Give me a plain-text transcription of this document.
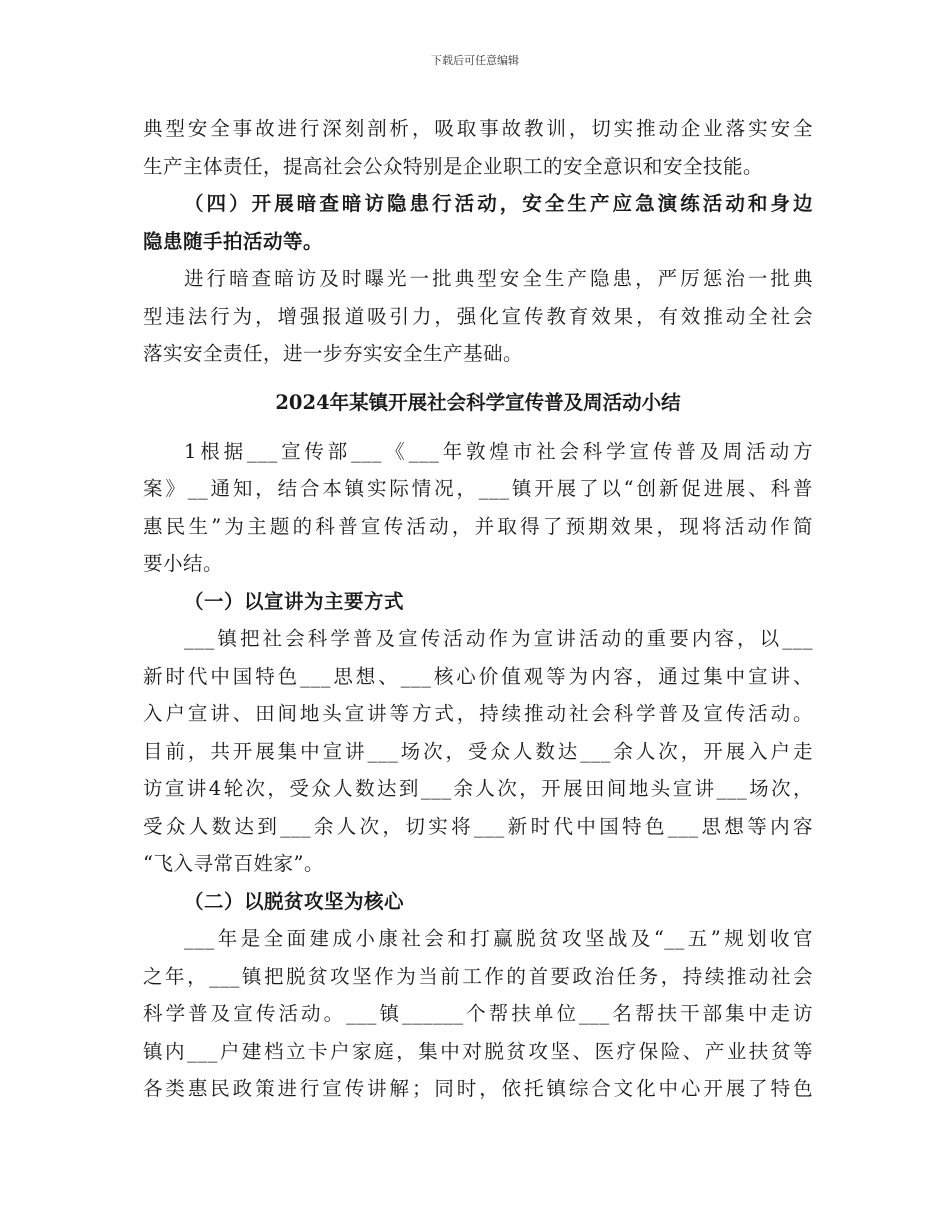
下载后可任意编辑
典型安全事故进行深刻剖析，吸取事故教训，切实推动企业落实安全
生产主体责任，提高社会公众特别是企业职工的安全意识和安全技能。
（四）开展暗查暗访隐患行活动，安全生产应急演练活动和身边
隐患随手拍活动等。
进行暗查暗访及时曝光一批典型安全生产隐患，严厉惩治一批典
型违法行为，增强报道吸引力，强化宣传教育效果，有效推动全社会
落实安全责任，进一步夯实安全生产基础。
2024年某镇开展社会科学宣传普及周活动小结
1根据___宣传部___《___年敦煌市社会科学宣传普及周活动方
案》__通知，结合本镇实际情况，___镇开展了以“创新促进展、科普
惠民生”为主题的科普宣传活动，并取得了预期效果，现将活动作简
要小结。
（一）以宣讲为主要方式
___镇把社会科学普及宣传活动作为宣讲活动的重要内容，以___
新时代中国特色___思想、___核心价值观等为内容，通过集中宣讲、
入户宣讲、田间地头宣讲等方式，持续推动社会科学普及宣传活动。
目前，共开展集中宣讲___场次，受众人数达___余人次，开展入户走
访宣讲4轮次，受众人数达到___余人次，开展田间地头宣讲___场次，
受众人数达到___余人次，切实将___新时代中国特色___思想等内容
“飞入寻常百姓家”。
（二）以脱贫攻坚为核心
___年是全面建成小康社会和打赢脱贫攻坚战及“__五”规划收官
之年，___镇把脱贫攻坚作为当前工作的首要政治任务，持续推动社会
科学普及宣传活动。___镇______个帮扶单位___名帮扶干部集中走访
镇内___户建档立卡户家庭，集中对脱贫攻坚、医疗保险、产业扶贫等
各类惠民政策进行宣传讲解；同时，依托镇综合文化中心开展了特色
